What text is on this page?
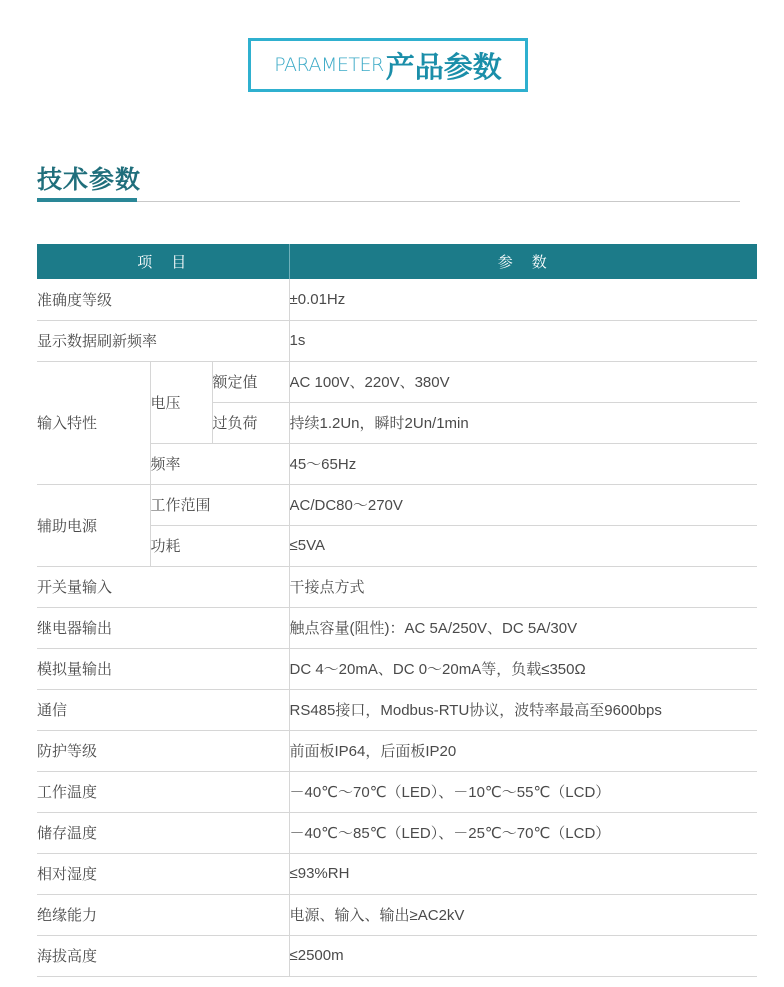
PARAMETER 产品参数
技术参数
项　目			参　数
准确度等级			±0.01Hz
显示数据刷新频率			1s
输入特性	电压	额定值	AC 100V、220V、380V
		过负荷	持续1.2Un，瞬时2Un/1min
	频率		45～65Hz
辅助电源	工作范围		AC/DC80～270V
	功耗		≤5VA
开关量输入			干接点方式
继电器输出			触点容量(阻性)：AC 5A/250V、DC 5A/30V
模拟量输出			DC 4～20mA、DC 0～20mA等，负载≤350Ω
通信			RS485接口，Modbus-RTU协议，波特率最高至9600bps
防护等级			前面板IP64，后面板IP20
工作温度			－40℃～70℃（LED）、－10℃～55℃（LCD）
储存温度			－40℃～85℃（LED）、－25℃～70℃（LCD）
相对湿度			≤93%RH
绝缘能力			电源、输入、输出≥AC2kV
海拔高度			≤2500m
